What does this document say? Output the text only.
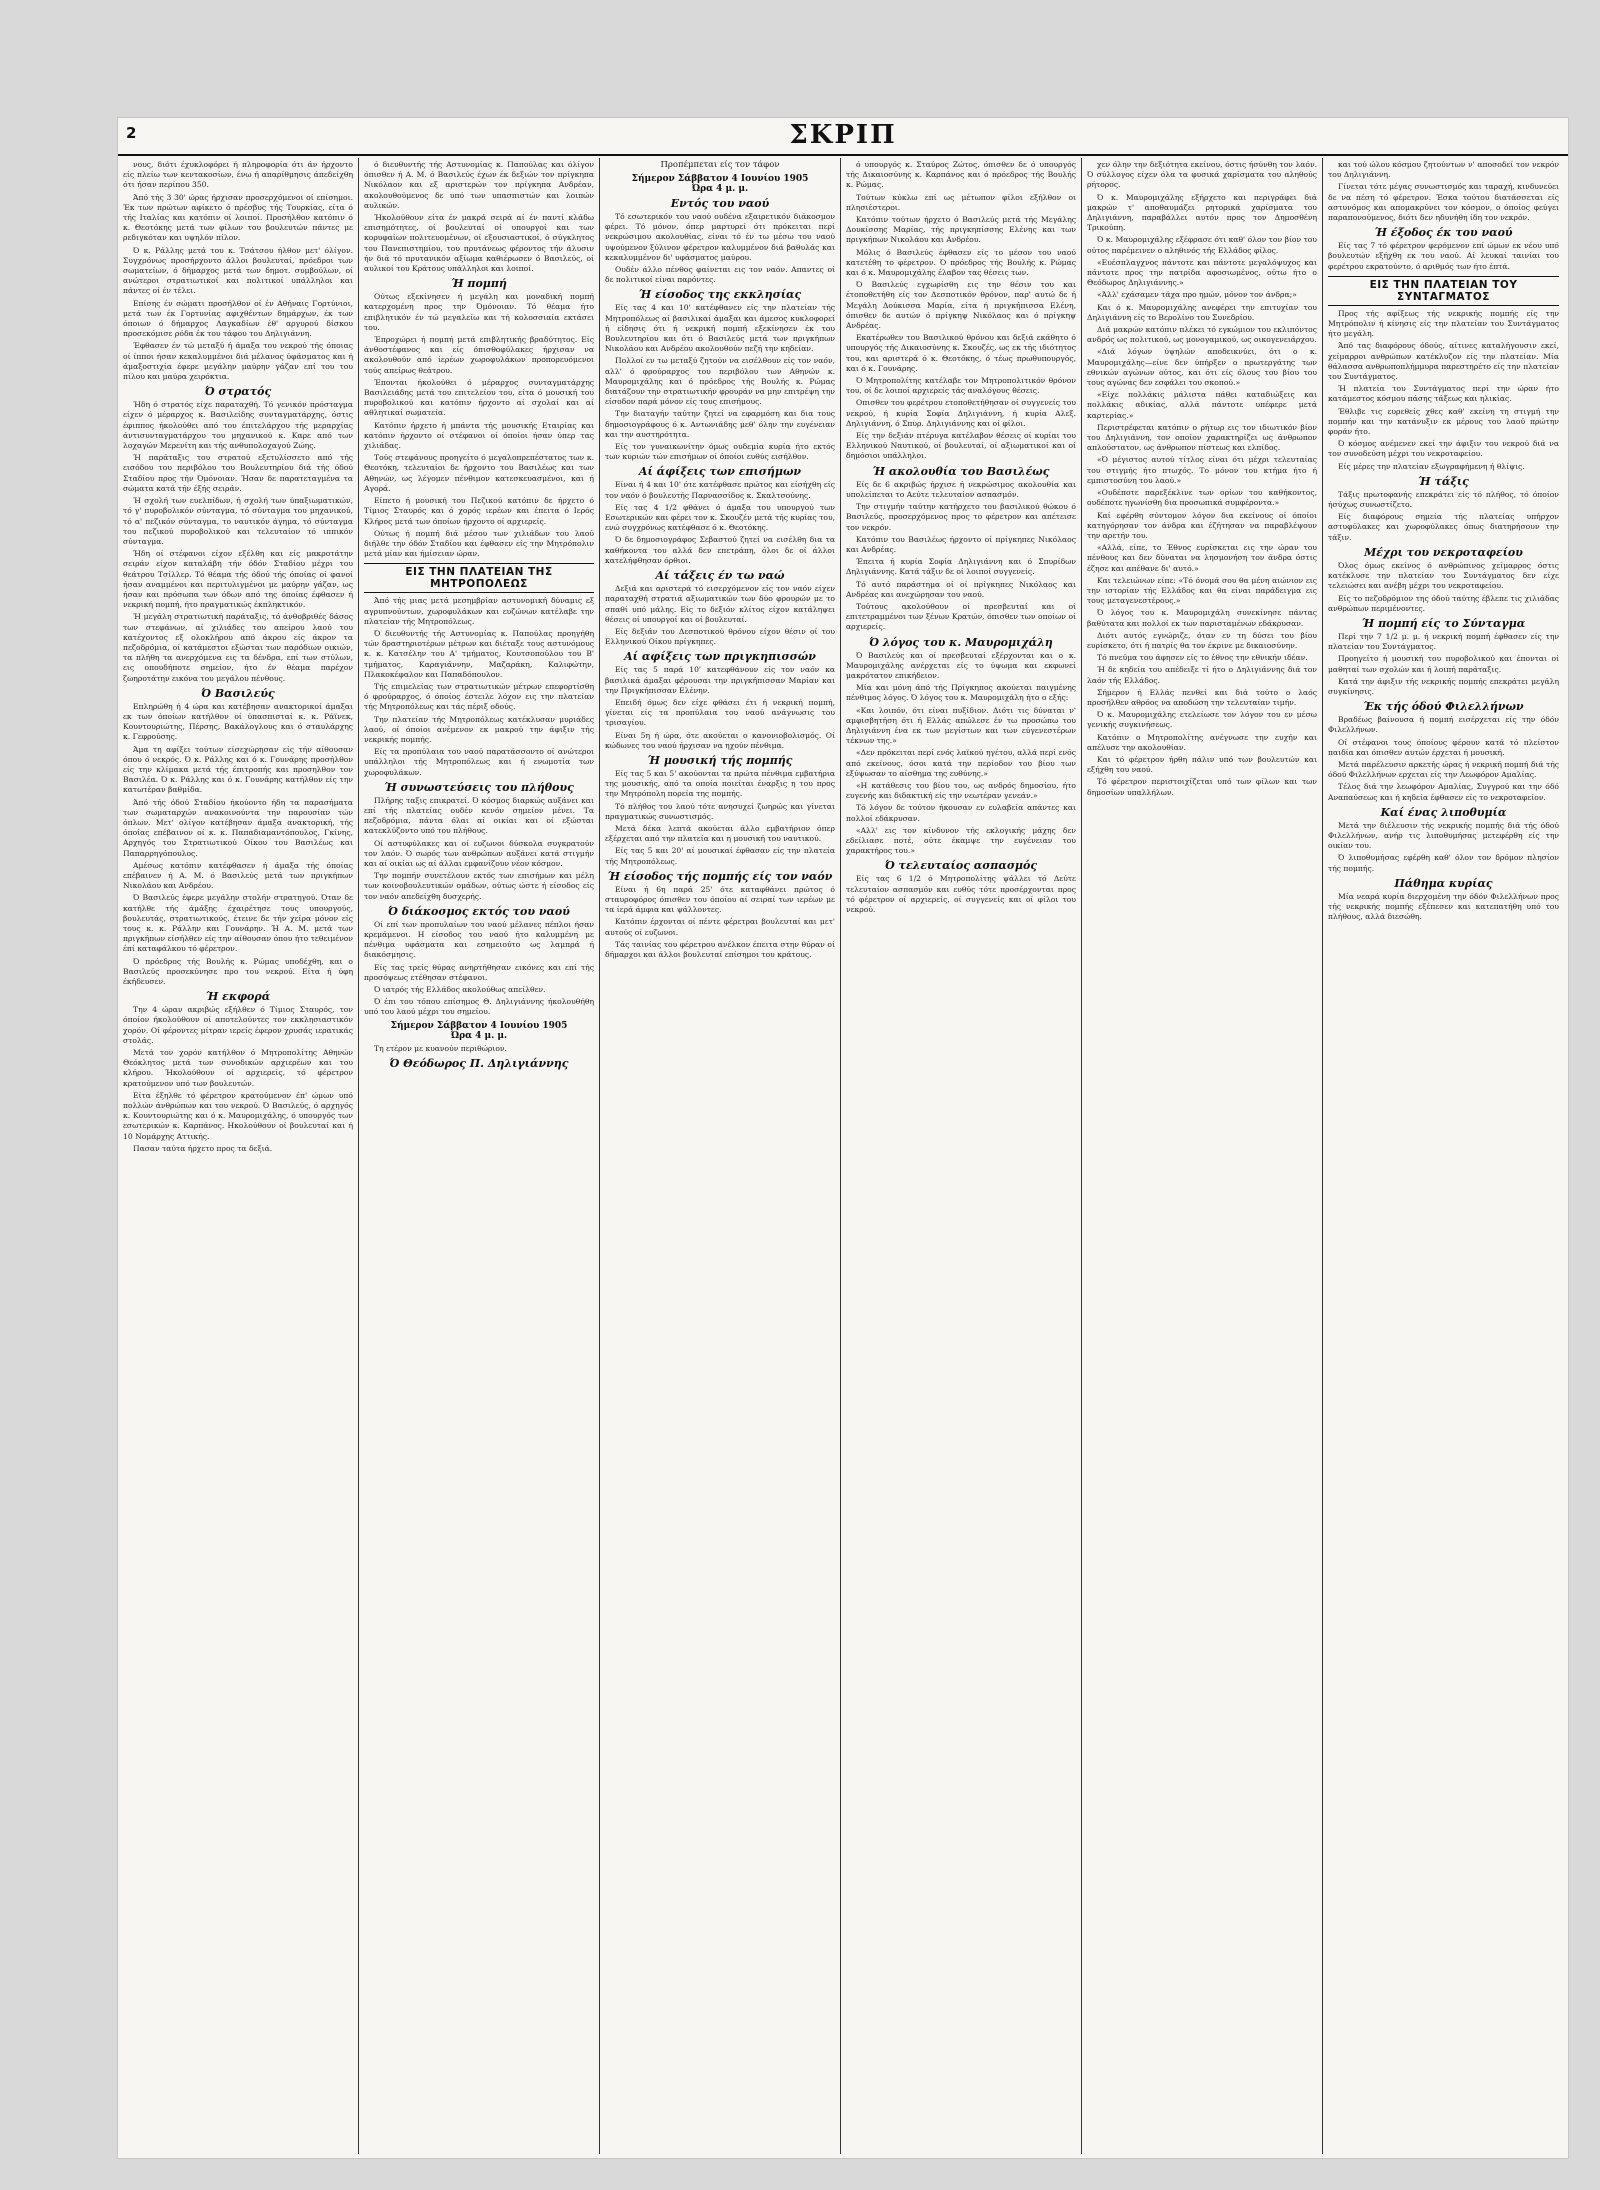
2	ΣΚΡΙΠ

νους, διότι έχυκλοφόρει ή πληροφορία ότι άν ήρχοντο είς πλείω των κεντακοσίων, ένω ή απαρίθμησις άπεδείχθη ότι ήσαν περίπου 350.

Άπό τής 3 30' ώρας ήρχισαν προσερχόμενοι οί επίσημοι. Έκ των πρώτων αφίκετο ό πρέσβυς τής Τουρκίας, είτα ό τής Ιταλίας και κατόπιν οί λοιποί. Προσήλθον κατόπιν ό κ. Θεοτόκης μετά των φίλων του βουλευτών πάντες με ρεδιγκόταν και υψηλόν πίλον.

Ό κ. Ράλλης μετά του κ. Τσάτσου ήλθον μετ' όλίγον. Συγχρόνως προσήρχοντο άλλοι βουλευταί, πρόεδροι των σωματείων, ό δήμαρχος μετά των δημοτ. συμβούλων, οί ανώτεροι στρατιωτικοί και πολιτικοί υπάλληλοι και πάντες οί έν τέλει.

Επίσης έν σώματι προσήλθον οί έν Αθήναις Γορτύνιοι, μετά των έκ Γορτυνίας αφιχθέντων δημάρχων, έκ των όποιων ό δήμαρχος Λαγκαδίων έθ' αργυρού δίσκου προσεκόμισε ρόδα έκ του τάφου του Δηλιγιάννη.

Έφθασεν έν τώ μεταξύ ή άμαξα του νεκρού τής όποιας οί ίπποι ήσαν κεκαλυμμένοι διά μέλανος ύφάσματος και ή άμαξοστιχία έφερε μεγάλην μαύρην γάζαν επί του του πίλου και μαύρα χειρόκτια.

Ό στρατός

Ήδη ό στρατός είχε παραταχθή. Τό γενικόν πρόσταγμα είχεν ό μέραρχος κ. Βασιλείδης συνταγματάρχης, όστις έφιππος ήκολούθει από του έπιτελάρχου τής μεραρχίας άντισυνταγματάρχου του μηχανικού κ. Καρε από των λοχαγών Μερενίτη και τής ανθυπολοχαγού Ζώης.

Ή παράταξις του στρατού εξετυλίσσετο από τής εισόδου του περιβόλου του Βουλευτηρίου διά τής όδού Σταδίου προς τήν Όμόνοιαν. Ήσαν δε παρατεταγμένα τα σώματα κατά τήν έξής σειράν.

Ή σχολή των ευελπίδων, ή σχολή των ύπαξιωματικών, τό γ' πυροβολικόν σύνταγμα, τό σύνταγμα του μηχανικού, τό α' πεζικόν σύνταγμα, το ναυτικόν άγημα, τό σύνταγμα του πεζικού πυροβολικού και τελευταίον τό ιππικόν σύνταγμα.

Ήδη οί στέφανοι είχον εξέλθη και είς μακροτάτην σειράν είχον καταλάβη τήν όδόν Σταδίου μέχρι του θεάτρου Τσίλλερ. Τό θέαμα τής όδού τής όποίας οί φανοί ήσαν αναμμένοι και περιτυλιγμένοι με μαύρην γάζαν, ως ήσαν και πρόσωπα των όδων από της όποίας έφθασεν ή νεκρική πομπή, ήτο πραγματικώς έκπληκτικόν.

Ή μεγάλη στρατιωτική παράταξις, τό άνθοβριθές δάσος των στεφάνων, αί χιλιάδες του απείρου λαού του κατέχοντος εξ ολοκλήρου από άκρου είς άκρον τα πεζοδρόμια, οί κατάμεστοι εξώσται των παρόδιων οικιών, τα πλήθη τα ανερχόμενα εις τα δένδρα, επί των στύλων, εις οπουδήποτε σημείον, ήτο έν θέαμα παρέχον ζωηροτάτην εικόνα του μεγάλου πένθους.

Ό Βασιλεύς

Επληρώθη ή 4 ώρα και κατέβησαν ανακτορικοί άμαξαι εκ των όποίων κατήλθον οί ύπασπισταί κ. κ. Ράϊνεκ, Κουντουριώτης, Πέρσης, Βακάλογλους και ό σταυλάρχης κ. Γεφρούσης.

Άμα τη αφίξει τούτων είσεχώρησαν είς τήν αίθουσαν όπου ό νεκρός. Ό κ. Ράλλης και ό κ. Γουνάρης προσήλθον είς την κλίμακα μετά τής έπιτροπής και προσηλθον τον Βασιλέα. Ό κ. Ράλλης και ό κ. Γουνάρης κατήλθον είς την κατωτέραν βαθμίδα.

Άπό τής όδού Σταδίου ήκούοντο ήδη τα παρασήματα των σωματαρχών ανακοινούντα την παρουσίαν τών όπλων. Μετ' ολίγον κατέβησαν άμαξα ανακτορική, τής όποίας επέβαινον οί κ. κ. Παπαδιαμαντόπουλος, Γκίνης, Αρχηγός του Στρατιωτικού Οίκου του Βασιλέως και Παπαρρηγόπουλος.

Αμέσως κατόπιν κατέφθασεν ή άμαξα τής όποίας επέβαινεν ή Α. Μ. ό Βασιλεύς μετά των πριγκήπων Νικολάου και Ανδρέου.

Ό Βασιλεύς έφερε μεγάλην στολήν στρατηγού. Όταν δε κατήλθε τής άμάξης έχαιρέτησε τους υπουργούς, βουλευτάς, στρατιωτικούς, έτεινε δε τήν χείρα μόνον είς τους κ. κ. Ράλλην και Γουνάρην. Ή Α. Μ. μετά των πριγκήπων είσήλθεν είς την αίθουσαν όπου ήτο τεθειμένον έπί καταφάλκου τό φέρετρον.

Ό πρόεδρος τής Βουλής κ. Ρώμας υποδέχθη, και ο Βασιλεύς προσεκύνησε προ του νεκρού. Είτα ή ύφη έκήδευσεν.

Ή εκφορά

Την 4 ώραν ακριβώς εξήλθεν ό Τίμιος Σταυρός, τον όποίον ήκολούθουν οί αποτελούντες τον εκκλησιαστικόν χορόν. Οί φέροντες μίτραν ιερείς έφερον χρυσάς ιερατικάς στολάς.

Μετά τον χορόν κατήλθον ό Μητροπολίτης Αθηνών Θεόκλητος μετά των συνοδικών αρχιερέων και του κλήρου. Ήκολούθουν οί αρχιερείς, τό φέρετρον κρατούμενον υπό των βουλευτών.

Είτα έξηλθε τό φέρετρον κρατούμενον έπ' ώμων υπό πολλών άνθρώπων και του νεκρού. Ό Βασιλεύς, ό αρχηγός κ. Κουντουριώτης και ό κ. Μαυρομιχάλης, ό υπουργός των εσωτερικών κ. Καρπάνος. Ηκολούθουν οί βουλευταί και ή 10 Νομάρχης Αττικής.

Πασαν ταύτα ήρχετο προς τα δεξιά.

ό διευθυντής τής Αστυνομίας κ. Παπούλας και όλίγον όπισθεν ή Α. Μ. ό Βασιλεύς έχων έκ δεξιών τον πρίγκηπα Νικόλαον και εξ αριστερών τον πρίγκηπα Ανδρέαν, ακολουθούμενος δε υπό των υπασπιστών και λοιπών αυλικών.

Ήκολούθουν είτα έν μακρά σειρά αί έν παντί κλάδω επισημότητες, οί βουλευταί οί υπουργοί και των κορυφαίων πολιτευομένων, οί εξουσιαστικοί, ό σύγκλητος του Πανεπιστημίου, του πρυτάνεως φέροντος τήν άλυσιν ήν διά τό πρυτανικόν αξίωμα καθιέρωσεν ό Βασιλεύς, οί αυλικοί του Κράτους υπάλληλοι και λοιποί.

Ή πομπή

Ούτως εξεκίνησεν ή μεγάλη και μοναδική πομπή κατερχομένη προς την Όμόνοιαν. Τό θέαμα ήτο επιβλητικόν έν τώ μεγαλείω και τή κολοσσιαία εκτάσει του.

Έπροχώρει ή πομπή μετά επιβλητικής βραδύτητος. Είς άνθοστέφανος και είς όπισθοφύλακες ήρχισαν να ακολουθούν από ίερέων χωροφυλάκων προπορευόμενοι τούς απείρως θεάτρου.

Έπονται ήκολούθει ό μέραρχος συνταγματάρχης Βασιλειάδης μετά του επιτελείου του, είτα ό μουσική του πυροβολικού και κατόπιν ήρχοντο αί σχολαί και αί αθλητικαί σωματεία.

Κατόπιν ήρχετο ή μπάντα τής μουσικής Εταιρίας και κατόπιν ήρχοντο οί στέφανοι οί όποίοι ήσαν ύπερ τας χιλιάδας.

Τούς στεφάνους προηγείτο ό μεγαλοπρεπέστατος των κ. Θεοτόκη, τελευταίοι δε ήρχοντο του Βασιλέως και των Αθηνών, ως λέγομεν πένθιμον κατεσκευασμένοι, και ή Αγορά.

Είπετο ή μουσική του Πεζικού κατόπιν δε ήρχετο ό Τίμιος Σταυρός και ό χορός ιερέων και έπειτα ό Ιερός Κλήρος μετά των όποίων ήρχοντο οί αρχιερείς.

Ούτως ή πομπή διά μέσου των χιλιάδων του λαού διήλθε την όδόν Σταδίου και έφθασεν είς την Μητρόπολιν μετά μίαν και ήμίσειαν ώραν.

ΕΙΣ ΤΗΝ ΠΛΑΤΕΙΑΝ ΤΗΣ ΜΗΤΡΟΠΟΛΕΩΣ

Άπό τής μιας μετά μεσημβρίαν αστυνομική δύναμις εξ αγρυπνούντων, χωροφυλάκων και ευζώνων κατέλαβε την πλατείαν τής Μητροπόλεως.

Ό διευθυντής τής Αστυνομίας κ. Παπούλας προηγήθη τών δραστηριοτέρων μέτρων και διέταξε τους αστυνόμους κ. κ. Κατσέλην του Α' τμήματος, Κουτσοπούλου του Β' τμήματος, Καραγιάννην, Μαζαράκη, Καλιφώτην, Πλακοκέφαλον και Παπαδόπουλον.

Τής επιμελείας των στρατιωτικών μέτρων επεφορτίσθη ό φρούραρχος, ό όποίος έστειλε λόχον εις την πλατείαν τής Μητροπόλεως και τάς πέριξ οδούς.

Την πλατείαν τής Μητροπόλεως κατέκλυσαν μυριάδες λαού, οί όποίοι ανέμενον εκ μακρού την άφιξιν τής νεκρικής πομπής.

Είς τα προπύλαια του ναού παρατάσσοντο οί ανώτεροι υπάλληλοι τής Μητροπόλεως και ή ενωμοτία των χωροφυλάκων.

Ή συνωστεύσεις του πλήθους

Πλήρης ταξις επικρατεί. Ό κόσμος διαρκώς αυξάνει και επί τής πλατείας ουδέν κενόν σημείον μένει. Τα πεζοδρόμια, πάντα όλαι αί οικίαι και οί εξώσται κατεκλύζοντο υπό του πλήθους.

Οί αστυφύλακες και οί ευζωνοι δύσκολα συγκρατούν τον λαόν. Ό σωρός των ανθρώπων αυξάνει κατά στιγμήν και αί οικίαι ως αί άλλαι εμφανίζουν νέον κόσμον.

Την πομπήν συνετέλουν εκτός των επισήμων και μέλη των κοινοβουλευτικών ομάδων, ούτως ώστε ή είσοδος είς τον ναόν απεδείχθη δυσχερής.

Ό διάκοσμος εκτός του ναού

Οί επί των προπυλαίων του ναού μέλανες πέπλοι ήσαν κρεμάμενοι. Η είσοδος του ναού ήτο καλυμμένη με πένθιμα υφάσματα και εσημειούτο ως λαμπρά ή διακόσμησις.

Είς τας τρείς θύρας ανηρτήθησαν εικόνες και επί τής προσόψεως ετέθησαν στέφανοι.

Ό ιατρός τής Ελλάδος ακολούθως απείλθεν.

Ό έπι του τόπου επίσημος Θ. Δηλιγιάννης ήκολουθήθη υπό του λαού μέχρι του σημείου.

Σήμερον Σάββατον 4 Ιουνίου 1905
Ώρα 4 μ. μ.

Τη ετέρον με κυανούν περιθώριον.

Ό Θεόδωρος Π. Δηλιγιάννης

Προπέμπεται είς τον τάφον

Σήμερον Σάββατον 4 Ιουνίου 1905
Ώρα 4 μ. μ.
Εντός του ναού

Τό εσωτερικόν του ναού ουδένα εξαιρετικόν διάκοσμον φέρει. Τό μόνον, όπερ μαρτυρεί ότι πρόκειται περί νεκρώσιμου ακολουθίας, είναι τό έν τω μέσω του ναού υψούμενον ξύλινον φέρετρον καλυμμένον διά βαθυλάς και κεκαλυμμένον δι' υφάσματος μαύρου.

Ουδέν άλλο πένθος φαίνεται εις τον ναόν. Απαντες οί δε πολιτικοί είναι παρόντες.

Ή είσοδος της εκκλησίας

Είς τας 4 και 10' κατέφθανεν είς την πλατείαν τής Μητροπόλεως αί βασιλικαί άμαξαι και άμεσος κυκλοφορεί ή είδησις ότι ή νεκρική πομπή εξεκίνησεν έκ του Βουλευτηρίου και ότι ό Βασιλεύς μετά των πριγκήπων Νικολάου και Ανδρέου ακολουθούν πεζή την κηδείαν.

Πολλοί εν τω μεταξύ ζητούν να εισέλθουν είς τον ναόν, αλλ' ό φρούραρχος του περιβόλου των Αθηνών κ. Μαυρομιχάλης και ό πρόεδρος τής Βουλής κ. Ρώμας διατάζουν την στρατιωτικήν φρουράν να μην επιτρέψη την είσοδον παρά μόνον είς τους επισήμους.

Την διαταγήν ταύτην ζητεί να εφαρμόση και δια τους δημοσιογράφους ό κ. Αντωνιάδης μεθ' όλην την ευγένειαν και την αυστηρότητα.

Είς τον γυναικωνίτην όμως ουδεμία κυρία ήτο εκτός των κυριών τών επισήμων οί όποίοι ευθύς εισήλθον.

Αί άφίξεις των επισήμων

Είναι ή 4 και 10' ότε κατέφθασε πρώτος και είσήχθη είς τον ναόν ό βουλευτής Παρνασσίδος κ. Σκαλτσούνης.

Είς τας 4 1/2 φθάνει ό άμαξα του υπουργού των Εσωτερικών και φέρει τον κ. Σκουζέν μετά τής κυρίας του, ενώ συγχρόνως κατέφθασε ό κ. Θεοτόκης.

Ό δε δημοσιογράφος Σεβαστού ζητεί να εισέλθη δια τα καθήκοντα του αλλά δεν επετράπη, όλοι δε οί άλλοι κατελήφθησαν όρθιοι.

Αί τάξεις έν τω ναώ

Δεξιά και αριστερά τό εισερχόμενον είς τον ναόν είχεν παραταχθή στρατιά αξιωματικών των δύο φρουρών με το σπαθί υπό μάλης. Είς το δεξιόν κλίτος είχον κατάληψει θέσεις οί υπουργοί και οί βουλευταί.

Είς δεξιάν του Δεσποτικού θρόνου είχον θέσιν οί του Ελληνικού Οίκου πρίγκηπες.

Αί αφίξεις των πριγκηπισσών

Είς τας 5 παρά 10' κατεφθάνουν είς τον ναόν κα βασιλικά άμαξαι φέρουσαι την πριγκήπισσαν Μαρίαν και την Πριγκήπισσαν Ελένην.

Επειδή όμως δεν είχε φθάσει έτι ή νεκρική πομπή, γίνεται είς τα προπύλαια του ναού ανάγνωσις του τρισαγίου.

Είναι 5η ή ώρα, ότε ακούεται ο κανονιοβολισμός. Οί κώδωνες του ναού ήρχισαν να ηχούν πένθιμα.

Ή μουσική τής πομπής

Είς τας 5 και 5' ακούονται τα πρώτα πένθιμα εμβατήρια της μουσικής, από τα οποία ποιείται έναρξις η του προς την Μητρόπολη πορεία της πομπής.

Τό πλήθος του λαού τότε ανησυχεί ζωηρώς και γίνεται πραγματικώς συνωστισμός.

Μετά δέκα λεπτά ακούεται άλλο εμβατήριον όπερ εξέρχεται από την πλατεία και η μουσική του ναυτικού.

Είς τας 5 και 20' αί μουσικαί έφθασαν είς την πλατεία τής Μητροπόλεως.

Ή είσοδος τής πομπής είς τον ναόν

Είναι ή 6η παρά 25' ότε καταφθάνει πρώτος ό σταυροφόρος όπισθεν του όποίου αί σειραί των ιερέων με τα ίερά άμφια και ψάλλοντες.

Κατόπιν έρχονται οί πέντε φέρετραι βουλευταί και μετ' αυτούς οί ευζωνοι.

Τάς ταινίας του φέρετρου ανέλκον έπειτα στην θύραν οί δήμαρχοι και άλλοι βουλευταί επίσημοι του κράτους.

ό υπουργός κ. Σταύρος Ζώτος, όπισθεν δε ό υπουργός τής Δικαιοσύνης κ. Καρπάνος και ό πρόεδρος τής Βουλής κ. Ρώμας.

Τούτων κύκλω επί ως μέτωπον φίλοι εξήλθον οι πλησιέστεροι.

Κατόπιν τούτων ήρχετο ό Βασιλεύς μετά τής Μεγάλης Δουκίσσης Μαρίας, τής πριγκηπίσσης Ελένης και των πριγκήπων Νικολάου και Ανδρέου.

Μόλις ό Βασιλεύς έφθασεν είς το μέσον του ναού κατετέθη το φέρετρον. Ό πρόεδρος τής Βουλής κ. Ρώμας και ό κ. Μαυρομιχάλης έλαβον τας θέσεις των.

Ό Βασιλεύς εγχωρίσθη εις την θέσιν του και έτοποθετήθη είς τον Δεσποτικόν θρόνον, παρ' αυτώ δε ή Μεγάλη Δούκισσα Μαρία, είτα ή πριγκήπισσα Ελένη, όπισθεν δε αυτών ό πρίγκηψ Νικόλαος και ό πρίγκηψ Ανδρέας.

Εκατέρωθεν του Βασιλικού θρόνου και δεξιά εκάθητο ό υπουργός τής Δικαιοσύνης κ. Σκουζές, ως εκ τής ιδιότητος του, και αριστερά ό κ. Θεοτόκης, ό τέως πρωθυπουργός, και ό κ. Γουνάρης.

Ό Μητροπολίτης κατέλαβε τον Μητροπολιτικόν θρόνον του, οί δε λοιποί αρχιερείς τάς αναλόγους θέσεις.

Οπισθεν του φερέτρου ετοποθετήθησαν οί συγγενείς του νεκρού, ή κυρία Σοφία Δηλιγιάννη, ή κυρία Αλεξ. Δηλιγιάννη, ό Σπυρ. Δηλιγιάννης και οί φίλοι.

Είς την δεξιάν πτέρυγα κατέλαβον θέσεις οί κυρίαι του Ελληνικού Ναυτικού, οί βουλευταί, οί αξιωματικοί και οί δημόσιοι υπάλληλοι.

Ή ακολουθία του Βασιλέως

Είς δε 6 ακριβώς ήρχισε ή νεκρώσιμος ακολουθία και υπολείπεται το Αεύτε τελευταίον ασπασμόν.

Την στιγμήν ταύτην κατήρχετο του βασιλικού θώκου ό Βασιλεύς, προσερχόμενος προς το φέρετρον και απέτεισε τον νεκρόν.

Κατόπιν του Βασιλέως ήρχοντο οί πρίγκηπες Νικόλαος και Ανδρέας.

Έπειτα ή κυρία Σοφία Δηλιγιάννη και ό Σπυρίδων Δηλιγιάννης. Κατά τάξιν δε οί λοιποί συγγενείς.

Τό αυτό παράστημα οί οί πρίγκηπες Νικόλαος και Ανδρέας και ανεχώρησαν του ναού.

Τούτους ακολούθουν οί πρεσβευταί και οί επιτετραμμένοι των ξένων Κρατών, όπισθεν των οποίων οί αρχιερείς.

Ό λόγος του κ. Μαυρομιχάλη

Ό Βασιλεύς και οί πρεσβευταί εξέρχονται και ο κ. Μαυρομιχάλης ανέρχεται είς το ύψωμα και εκφωνεί μακρότατον επικήδειον.

Μία και μόνη άπό τής Πρίγκηπος ακούεται παιγμένης πένθιμος λόγος. Ό λόγος του κ. Μαυρομιχάλη ήτο ο εξής:

«Και λοιπόν, ότι είναι πυξίδιον. Διότι τις δύναται ν' αμφισβητήση ότι ή Ελλάς απώλεσε έν τω προσώπω του Δηλιγιάννη ένα εκ των μεγίστων και των εύγενεστέρων τέκνων της.»

«Δεν πρόκειται περί ενός λαϊκού ηγέτου, αλλά περί ενός από εκείνους, όσοι κατά την περίοδον του βίου των εξύψωσαν το αίσθημα της ευθύνης.»

«Η κατάθεσις του βίου του, ως ανδρός δημοσίου, ήτο ευγενής και διδακτική είς την νεωτέραν γενεάν.»

Τό λόγον δε τούτον ήκουσαν εν ευλαβεία απάντες και πολλοί εδάκρυσαν.

«Αλλ' εις τον κίνδυνον τής εκλογικής μάχης δεν εδείλιασε ποτέ, ούτε έκαμψε την ευγένειαν του χαρακτήρος του.»

Ό τελευταίος ασπασμός

Είς τας 6 1/2 ό Μητροπολίτης ψάλλει τό Δεύτε τελευταίον ασπασμόν και ευθύς τότε προσέρχονται προς τό φέρετρον οί αρχιερείς, οί συγγενείς και οί φίλοι του νεκρού.

χεν όλην την δεξιότητα εκείνου, όστις ήσύνθη τον λαόν. Ό σύλλογος είχεν όλα τα φυσικά χαρίσματα του αληθούς ρήτορος.

Ό κ. Μαυρομιχάλης εξήρχετο και περιγράφει διά μακρών τ' αποθαυμάζει ρητορικά χαρίσματα του Δηλιγιάννη, παραβάλλει αυτόν προς τον Δημοσθένη Τρικούπη.

Ό κ. Μαυρομιχάλης εξέφρασε ότι καθ' όλον τον βίον του ούτος παρέμεινεν ο αληθινός τής Ελλάδος φίλος.

«Ευέσπλαγχνος πάντοτε και πάντοτε μεγαλόψυχος και πάντοτε προς την πατρίδα αφοσιωμένος, ούτω ήτο ο Θεόδωρος Δηλιγιάννης.»

«Άλλ' εχάσαμεν τάχα προ ημών, μόνον τον άνδρα;»

Και ό κ. Μαυρομιχάλης ανεφέρει την επιτυχίαν του Δηλιγιάννη είς το Βερολίνο του Συνεδρίου.

Διά μακρών κατόπιν πλέκει τό εγκώμιον του εκλιπόντος ανδρός ως πολιτικού, ως μονογαμικού, ως οικογενειάρχου.

«Διά λόγων ύψηλών αποδεικνύει, ότι ο κ. Μαυρομιχάλης—είνε δεν ύπήρξεν ο πρωτεργάτης των εθνικών αγώνων ούτος, και ότι είς όλους του βίου του τους αγώνας δεν εσφάλει του σκοπού.»

«Είχε πολλάκις μάλιστα πάθει καταδιώξεις και πολλάκις αδικίας, αλλά πάντοτε υπέφερε μετά καρτερίας.»

Περιστρέφεται κατόπιν ο ρήτωρ εις τον ιδιωτικόν βίον του Δηλιγιάννη, τον οποίον χαρακτηρίζει ως άνθρωπον απλούστατον, ως άνθρωπον πίστεως και ελπίδος.

«Ό μέγιστος αυτού τίτλος είναι ότι μέχρι τελευταίας του στιγμής ήτο πτωχός. Το μόνον του κτήμα ήτο ή εμπιστοσύνη του λαού.»

«Ουδέποτε παρεξέκλινε των ορίων του καθήκοντος, ουδέποτε ηγωνίσθη δια προσωπικά συμφέροντα.»

Καί εφέρθη σύντομον λόγον δια εκείνους οί όποίοι κατηγόρησαν τον άνδρα και έζήτησαν να παραβλέψουν την αρετήν του.

«Αλλά, είπε, το Έθνος ευρίσκεται εις την ώραν του πένθους και δεν δύναται να λησμονήση τον άνδρα όστις έζησε και απέθανε δι' αυτό.»

Και τελειώνων είπε: «Τό όνομά σου θα μένη αιώνιον εις την ιστορίαν τής Ελλάδος και θα είναι παράδειγμα εις τους μεταγενεστέρους.»

Ό λόγος του κ. Μαυρομιχάλη συνεκίνησε πάντας βαθύτατα και πολλοί εκ των παρισταμένων εδάκρυσαν.

Διότι αυτός εγνώριζε, όταν εν τη δύσει του βίου ευρίσκετο, ότι ή πατρίς θα τον έκρινε με δικαιοσύνην.

Τό πνεύμα του άφησεν είς το έθνος την εθνικήν ιδέαν.

Ή δε κηδεία του απέδειξε τί ήτο ο Δηλιγιάννης διά τον λαόν τής Ελλάδος.

Σήμερον ή Ελλάς πενθεί και διά τούτο ο λαός προσήλθεν αθρόος να αποδώση την τελευταίαν τιμήν.

Ό κ. Μαυρομιχάλης ετελείωσε τον λόγον του εν μέσω γενικής συγκινήσεως.

Κατόπιν ο Μητροπολίτης ανέγνωσε την ευχήν και απέλυσε την ακολουθίαν.

Και τό φέρετρον ήρθη πάλιν υπό των βουλευτών και εξήχθη του ναού.

Τό φέρετρον περιστοιχίζεται υπό των φίλων και των δημοσίων υπαλλήλων.

και τού ώλου κόσμου ζητούντων ν' αποσοδεί τον νεκρόν του Δηλιγιάννη.

Γίνεται τότε μέγας συνωστισμός και ταραχή, κινδυνεύει δε να πέση τό φέρετρον. Έσκα τούτου διατάσσεται είς αστυνόμος και απομακρύνει τον κόσμον, ο όποίος φεύγει παραπονούμενος, διότι δεν ηδυνήθη ίδη τον νεκρόν.

Ή έξοδος έκ του ναού

Είς τας 7 τό φέρετρον φερόμενον επί ώμων εκ νέου υπό βουλευτών εξήχθη εκ του ναού. Αί λευκαί ταινίαι του φερέτρου εκρατούντο, ό αριθμός των ήτο έπτά.

ΕΙΣ ΤΗΝ ΠΛΑΤΕΙΑΝ ΤΟΥ ΣΥΝΤΑΓΜΑΤΟΣ

Προς τής αφίξεως τής νεκρικής πομπής είς την Μητρόπολιν ή κίνησις είς την πλατείαν του Συντάγματος ήτο μεγάλη.

Άπό τας διαφόρους όδούς, αίτινες καταλήγουσιν εκεί, χείμαρροι ανθρώπων κατέκλυζον είς την πλατείαν. Μία θάλασσα ανθρωποπλήμμυρα παρεστηρέτο είς την πλατείαν του Συντάγματος.

Ή πλατεία του Συντάγματος περί την ώραν ήτο κατάμεστος κόσμου πάσης τάξεως και ηλικίας.

Έθλιβε τις ευρεθείς χθες καθ' εκείνη τη στιγμή την πομπήν και την κατάνυξιν εκ μέρους του λαού πρώτην φοράν ήτο.

Ό κόσμος ανέμενεν εκεί την άφιξιν του νεκρού διά να τον συνοδεύση μέχρι του νεκροταφείου.

Είς μέρες την πλατείαν εξωγραφήμενη ή θλίψις.

Ή τάξις

Τάξις πρωτοφανής επεκράτει είς τό πλήθος, τό όποίον ήσύχως συνωστίζετο.

Είς διαφόρους σημεία τής πλατείας υπήρχον αστυφύλακες και χωροφύλακες όπως διατηρήσουν την τάξιν.

Μέχρι του νεκροταφείου

Όλος όμως εκείνος ό ανθρώπινος χείμαρρος όστις κατέκλυσε την πλατείαν του Συντάγματος δεν είχε τελειώσει και ανέβη μέχρι του νεκροταφείου.

Είς το πεζοδρόμιον της όδού ταύτης έβλεπε τις χιλιάδας ανθρώπων περιμένοντες.

Ή πομπή είς το Σύνταγμα

Περί την 7 1/2 μ. μ. ή νεκρική πομπή έφθασεν είς την πλατείαν του Συντάγματος.

Προηγείτο ή μουσική του πυροβολικού και έπονται οί μαθηταί των σχολών και ή λοιπή παράταξις.

Κατά την άφιξιν τής νεκρικής πομπής επεκράτει μεγάλη συγκίνησις.

Έκ τής όδού Φιλελλήνων

Βραδέως βαίνουσα ή πομπή εισέρχεται είς την όδόν Φιλελλήνων.

Οί στέφανοι τους όποίους φέρουν κατά τό πλείστον παιδία και όπισθεν αυτών έρχεται ή μουσική.

Μετά παρέλευσιν αρκετής ώρας ή νεκρική πομπή διά τής όδού Φιλελλήνων ερχεται είς την Λεωφόρον Αμαλίας.

Τέλος διά την λεωφόρον Αμαλίας, Συγγρού και την όδό Αναπαύσεως και ή κηδεία έφθασεν είς το νεκροταφείον.

Καί ένας λιποθυμία

Μετά την διέλευσιν τής νεκρικής πομπής διά τής όδού Φιλελλήνων, ανήρ τις λιποθυμήσας μετεφέρθη είς την οικίαν του.

Ό λιποθυμήσας εφέρθη καθ' όλον τον δρόμον πλησίον τής πομπής.

Πάθημα κυρίας

Μία νεαρά κυρία διερχομένη την όδόν Φιλελλήνων προς τής νεκρικής πομπής εξέπεσεν και κατεπατήθη υπό του πλήθους, αλλά διεσώθη.
